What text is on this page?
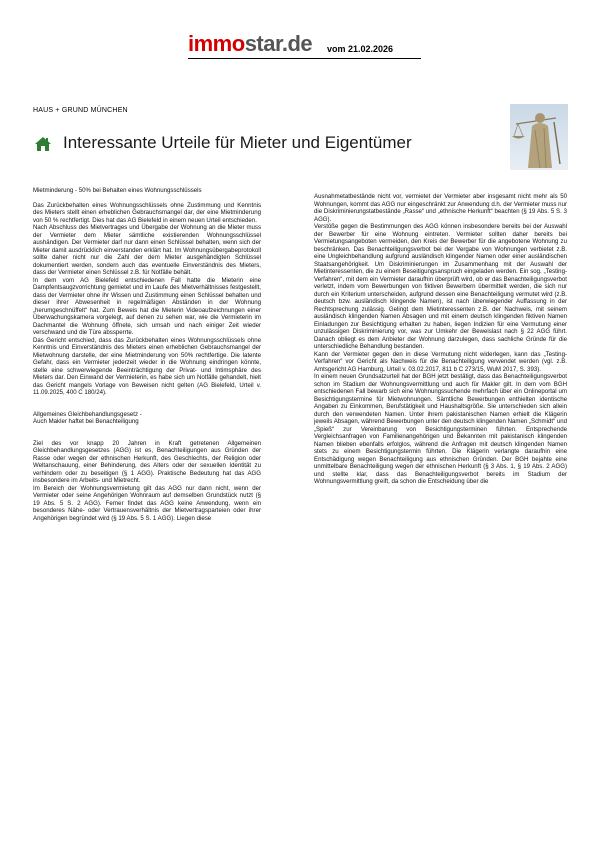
immostar.de vom 21.02.2026
HAUS + GRUND MÜNCHEN
Interessante Urteile für Mieter und Eigentümer

Mietminderung - 50% bei Behalten eines Wohnungsschlüssels

Das Zurückbehalten eines Wohnungsschlüssels ohne Zustimmung und Kenntnis des Mieters stellt einen erheblichen Gebrauchsmangel dar, der eine Mietminderung von 50 % rechtfertigt. Dies hat das AG Bielefeld in einem neuen Urteil entschieden.

Nach Abschluss des Mietvertrages und Übergabe der Wohnung an die Mieter muss der Vermieter dem Mieter sämtliche existierenden Wohnungsschlüssel aushändigen. Der Vermieter darf nur dann einen Schlüssel behalten, wenn sich der Mieter damit ausdrücklich einverstanden erklärt hat. Im Wohnungsübergabeprotokoll sollte daher nicht nur die Zahl der dem Mieter ausgehändigten Schlüssel dokumentiert werden, sondern auch das eventuelle Einverständnis des Mieters, dass der Vermieter einen Schlüssel z.B. für Notfälle behält.

In dem vom AG Bielefeld entschiedenen Fall hatte die Mieterin eine Dampfentsaugzvorrichtung gemietet und im Laufe des Mietverhältnisses festgestellt, dass der Vermieter ohne ihr Wissen und Zustimmung einen Schlüssel behalten und dieser ihrer Abwesenheit in regelmäßigen Abständen in der Wohnung „herumgeschnüffelt“ hat. Zum Beweis hat die Mieterin Videoaufzeichnungen einer Überwachungskamera vorgelegt, auf denen zu sehen war, wie die Vermieterin im Dachmantel die Wohnung öffnete, sich umsah und nach einiger Zeit wieder verschwand und die Türe abssperrte.

Das Gericht entschied, dass das Zurückbehalten eines Wohnungsschlüssels ohne Kenntnis und Einverständnis des Mieters einen erheblichen Gebrauchsmangel der Mietwohnung darstelle, der eine Mietminderung von 50% rechtfertige. Die latente Gefahr, dass ein Vermieter jederzeit wieder in die Wohnung eindringen könnte, stelle eine schwerwiegende Beeinträchtigung der Privat- und Intimsphäre des Mieters dar. Den Einwand der Vermieterin, es habe sich um Notfälle gehandelt, hielt das Gericht mangels Vorlage von Beweisen nicht gelten (AG Bielefeld, Urteil v. 11.09.2025, 400 C 180/24).

Allgemeines Gleichbehandlungsgesetz -

Auch Makler haftet bei Benachteiligung

Ziel des vor knapp 20 Jahren in Kraft getretenen Allgemeinen Gleichbehandlungsgesetzes (AGG) ist es, Benachteiligungen aus Gründen der Rasse oder wegen der ethnischen Herkunft, des Geschlechts, der Religion oder Weltanschauung, einer Behinderung, des Alters oder der sexuellen Identität zu verhindern oder zu beseitigen (§ 1 AGG). Praktische Bedeutung hat das AGG insbesondere im Arbeits- und Mietrecht.

Im Bereich der Wohnungsvermietung gilt das AGG nur dann nicht, wenn der Vermieter oder seine Angehörigen Wohnraum auf demselben Grundstück nutzt (§ 19 Abs. 5 S. 2 AGG). Ferner findet das AGG keine Anwendung, wenn ein besonderes Nähe- oder Vertrauensverhältnis der Mietvertragsparteien oder ihrer Angehörigen begründet wird (§ 19 Abs. 5 S. 1 AGG). Liegen diese

Ausnahmetatbestände nicht vor, vermietet der Vermieter aber insgesamt nicht mehr als 50 Wohnungen, kommt das AGG nur eingeschränkt zur Anwendung d.h. der Vermieter muss nur die Diskriminierungstatbestände „Rasse“ und „ethnische Herkunft“ beachten (§ 19 Abs. 5 S. 3 AGG).

Verstöße gegen die Bestimmungen des AGG können insbesondere bereits bei der Auswahl der Bewerber für eine Wohnung eintreten. Vermieter sollten daher bereits bei Vermietungsangeboten vermeiden, den Kreis der Bewerber für die angebotene Wohnung zu beschränken. Das Benachteiligungsverbot bei der Vergabe von Wohnungen verbietet z.B. eine Ungleichbehandlung aufgrund ausländisch klingender Namen oder einer ausländischen Staatsangehörigkeit. Um Diskriminierungen im Zusammenhang mit der Auswahl der Mietinteressenten, die zu einem Beseitigungsanspruch eingeladen werden. Ein sog. „Testing-Verfahren“, mit dem ein Vermieter daraufhin überprüft wird, ob er das Benachteiligungsverbot verletzt, indem vom Bewerbungen von fiktiven Bewerbern übermittelt werden, die sich nur durch ein Kriterium unterscheiden, aufgrund dessen eine Benachteiligung vermutet wird (z.B. deutsch bzw. ausländisch klingende Namen), ist nach überwiegender Auffassung in der Rechtsprechung zulässig. Gelingt dem Mietinteressenten z.B. der Nachweis, mit seinem ausländisch klingenden Namen Absagen und mit einem deutsch klingenden fiktiven Namen Einladungen zur Besichtigung erhalten zu haben, liegen Indizien für eine Vermutung einer unzulässigen Diskriminierung vor, was zur Umkehr der Beweislast nach § 22 AGG führt. Danach obliegt es dem Anbieter der Wohnung darzulegen, dass sachliche Gründe für die unterschiedliche Behandlung bestanden.

Kann der Vermieter gegen den in diese Vermutung nicht widerlegen, kann das „Testing-Verfahren“ vor Gericht als Nachweis für die Benachteiligung verwendet werden (vgl. z.B. Amtsgericht AG Hamburg, Urteil v. 03.02.2017, 811 b C 273/15, WuM 2017, S. 393).

In einem neuen Grundsatzurteil hat der BGH jetzt bestätigt, dass das Benachteiligungsverbot schon im Stadium der Wohnungsvermittlung und auch für Makler gilt. In dem vom BGH entschiedenen Fall bewarb sich eine Wohnungssuchende mehrfach über ein Onlineportal um Besichtigungstermine für Mietwohnungen. Sämtliche Bewerbungen enthielten identische Angaben zu Einkommen, Berufstätigkeit und Haushaltsgröße. Sie unterschieden sich allein durch den verwendeten Namen. Unter ihrem pakistanischen Namen erhielt die Klägerin jeweils Absagen, während Bewerbungen unter den deutsch klingenden Namen „Schmidt“ und „Spieß“ zur Vereinbarung von Besichtigungsterminen führten. Entsprechende Vergleichsanfragen von Familienangehörigen und Bekannten mit pakistanisch klingenden Namen blieben ebenfalls erfolglos, während die Anfragen mit deutsch klingenden Namen stets zu einem Besichtigungstermin führten. Die Klägerin verlangte daraufhin eine Entschädigung wegen Benachteiligung aus ethnischen Gründen. Der BGH bejahte eine unmittelbare Benachteiligung wegen der ethnischen Herkunft (§ 3 Abs. 1, § 19 Abs. 2 AGG) und stellte klar, dass das Benachteiligungsverbot bereits im Stadium der Wohnungsvermittlung greift, da schon die Entscheidung über die
